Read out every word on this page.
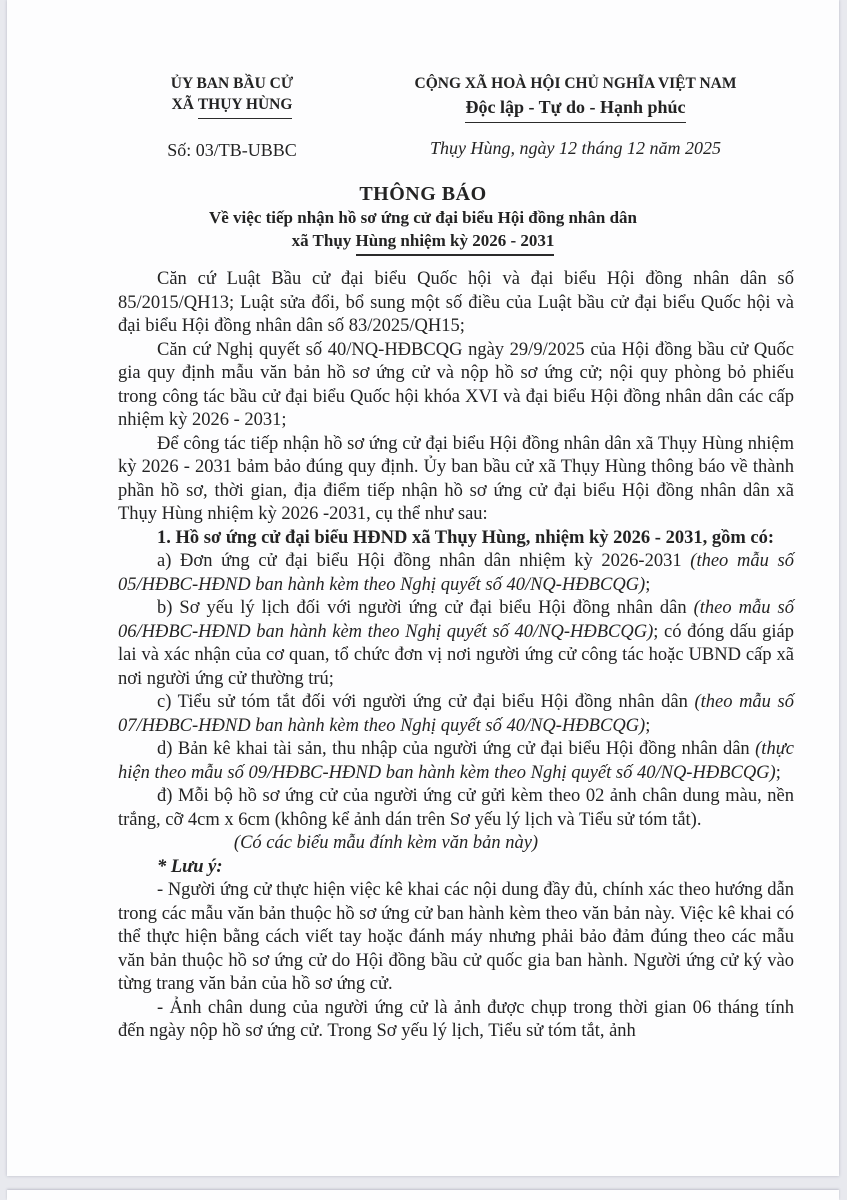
ỦY BAN BẦU CỬ
XÃ THỤY HÙNG
Số: 03/TB-UBBC
CỘNG XÃ HOÀ HỘI CHỦ NGHĨA VIỆT NAM
Độc lập - Tự do - Hạnh phúc
Thụy Hùng, ngày 12 tháng 12 năm 2025
THÔNG BÁO
Về việc tiếp nhận hồ sơ ứng cử đại biểu Hội đồng nhân dân
xã Thụy Hùng nhiệm kỳ 2026 - 2031

Căn cứ Luật Bầu cử đại biểu Quốc hội và đại biểu Hội đồng nhân dân số 85/2015/QH13; Luật sửa đổi, bổ sung một số điều của Luật bầu cử đại biểu Quốc hội và đại biểu Hội đồng nhân dân số 83/2025/QH15;

Căn cứ Nghị quyết số 40/NQ-HĐBCQG ngày 29/9/2025 của Hội đồng bầu cử Quốc gia quy định mẫu văn bản hồ sơ ứng cử và nộp hồ sơ ứng cử; nội quy phòng bỏ phiếu trong công tác bầu cử đại biểu Quốc hội khóa XVI và đại biểu Hội đồng nhân dân các cấp nhiệm kỳ 2026 - 2031;

Để công tác tiếp nhận hồ sơ ứng cử đại biểu Hội đồng nhân dân xã Thụy Hùng nhiệm kỳ 2026 - 2031 bảm bảo đúng quy định. Ủy ban bầu cử xã Thụy Hùng thông báo về thành phần hồ sơ, thời gian, địa điểm tiếp nhận hồ sơ ứng cử đại biểu Hội đồng nhân dân xã Thụy Hùng nhiệm kỳ 2026 -2031, cụ thể như sau:

1. Hồ sơ ứng cử đại biểu HĐND xã Thụy Hùng, nhiệm kỳ 2026 - 2031, gồm có:

a) Đơn ứng cử đại biểu Hội đồng nhân dân nhiệm kỳ 2026-2031 (theo mẫu số 05/HĐBC-HĐND ban hành kèm theo Nghị quyết số 40/NQ-HĐBCQG);

b) Sơ yếu lý lịch đối với người ứng cử đại biểu Hội đồng nhân dân (theo mẫu số 06/HĐBC-HĐND ban hành kèm theo Nghị quyết số 40/NQ-HĐBCQG); có đóng dấu giáp lai và xác nhận của cơ quan, tổ chức đơn vị nơi người ứng cử công tác hoặc UBND cấp xã nơi người ứng cử thường trú;

c) Tiểu sử tóm tắt đối với người ứng cử đại biểu Hội đồng nhân dân (theo mẫu số 07/HĐBC-HĐND ban hành kèm theo Nghị quyết số 40/NQ-HĐBCQG);

d) Bản kê khai tài sản, thu nhập của người ứng cử đại biểu Hội đồng nhân dân (thực hiện theo mẫu số 09/HĐBC-HĐND ban hành kèm theo Nghị quyết số 40/NQ-HĐBCQG);

đ) Mỗi bộ hồ sơ ứng cử của người ứng cử gửi kèm theo 02 ảnh chân dung màu, nền trắng, cỡ 4cm x 6cm (không kể ảnh dán trên Sơ yếu lý lịch và Tiểu sử tóm tắt).

(Có các biểu mẫu đính kèm văn bản này)

* Lưu ý:

- Người ứng cử thực hiện việc kê khai các nội dung đầy đủ, chính xác theo hướng dẫn trong các mẫu văn bản thuộc hồ sơ ứng cử ban hành kèm theo văn bản này. Việc kê khai có thể thực hiện bằng cách viết tay hoặc đánh máy nhưng phải bảo đảm đúng theo các mẫu văn bản thuộc hồ sơ ứng cử do Hội đồng bầu cử quốc gia ban hành. Người ứng cử ký vào từng trang văn bản của hồ sơ ứng cử.

- Ảnh chân dung của người ứng cử là ảnh được chụp trong thời gian 06 tháng tính đến ngày nộp hồ sơ ứng cử. Trong Sơ yếu lý lịch, Tiểu sử tóm tắt, ảnh
